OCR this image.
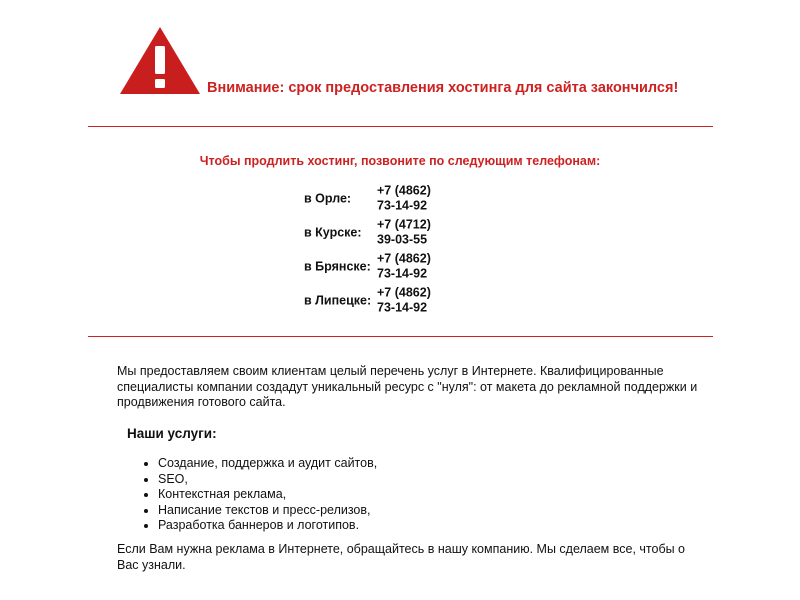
Внимание: срок предоставления хостинга для сайта закончился!
Чтобы продлить хостинг, позвоните по следующим телефонам:
в Орле:
+7 (4862) 73-14-92
в Курске:
+7 (4712) 39-03-55
в Брянске:
+7 (4862) 73-14-92
в Липецке:
+7 (4862) 73-14-92
Мы предоставляем своим клиентам целый перечень услуг в Интернете. Квалифицированные специалисты компании создадут уникальный ресурс с "нуля": от макета до рекламной поддержки и продвижения готового сайта.
Наши услуги:
• Создание, поддержка и аудит сайтов,
• SEO,
• Контекстная реклама,
• Написание текстов и пресс-релизов,
• Разработка баннеров и логотипов.
Если Вам нужна реклама в Интернете, обращайтесь в нашу компанию. Мы сделаем все, чтобы о Вас узнали.
